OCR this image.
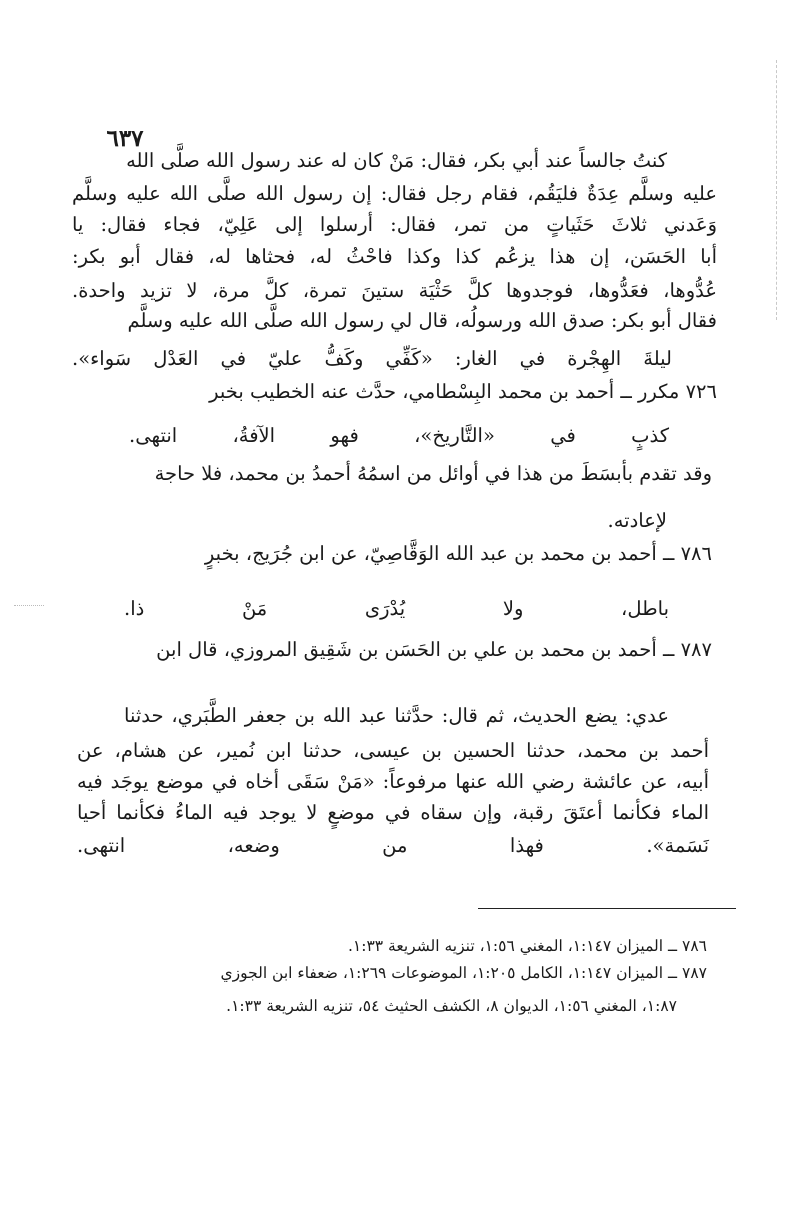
٦٣٧
كنتُ جالساً عند أبي بكر، فقال: مَنْ كان له عند رسول الله صلَّى الله
عليه وسلَّم عِدَةٌ فليَقُم، فقام رجل فقال: إن رسول الله صلَّى الله عليه وسلَّم
وَعَدني ثلاثَ حَثَياتٍ من تمر، فقال: أرسلوا إلى عَلِيّ، فجاء فقال: يا
أبا الحَسَن، إن هذا يزعُم كذا وكذا فاحْثُ له، فحثاها له، فقال أبو بكر:
عُدُّوها، فعَدُّوها، فوجدوها كلَّ حَثْيَة ستينَ تمرة، كلَّ مرة، لا تزيد واحدة.
فقال أبو بكر: صدق الله ورسولُه، قال لي رسول الله صلَّى الله عليه وسلَّم
ليلةَ الهِجْرة في الغار: «كَفِّي وكَفُّ عليّ في العَدْل سَواء».
٧٢٦ مكرر ــ أحمد بن محمد البِسْطامي، حدَّث عنه الخطيب بخبر
كذبٍ في «التَّاريخ»، فهو الآفةُ، انتهى.
وقد تقدم بأبسَطَ من هذا في أوائل من اسمُهُ أحمدُ بن محمد، فلا حاجة
لإعادته.
٧٨٦ ــ أحمد بن محمد بن عبد الله الوَقَّاصِيّ، عن ابن جُرَيج، بخبرٍ
باطل، ولا يُدْرَى مَنْ ذا.
٧٨٧ ــ أحمد بن محمد بن علي بن الحَسَن بن شَقِيق المروزي، قال ابن
عدي: يضع الحديث، ثم قال: حدَّثنا عبد الله بن جعفر الطَّبَري، حدثنا
أحمد بن محمد، حدثنا الحسين بن عيسى، حدثنا ابن نُمير، عن هشام، عن
أبيه، عن عائشة رضي الله عنها مرفوعاً: «مَنْ سَقَى أخاه في موضع يوجَد فيه
الماء فكأنما أعتَقَ رقبة، وإن سقاه في موضعٍ لا يوجد فيه الماءُ فكأنما أحيا
نَسَمة». فهذا من وضعه، انتهى.
٧٨٦ ــ الميزان ١:١٤٧، المغني ١:٥٦، تنزيه الشريعة ١:٣٣.
٧٨٧ ــ الميزان ١:١٤٧، الكامل ١:٢٠٥، الموضوعات ١:٢٦٩، ضعفاء ابن الجوزي
١:٨٧، المغني ١:٥٦، الديوان ٨، الكشف الحثيث ٥٤، تنزيه الشريعة ١:٣٣.
